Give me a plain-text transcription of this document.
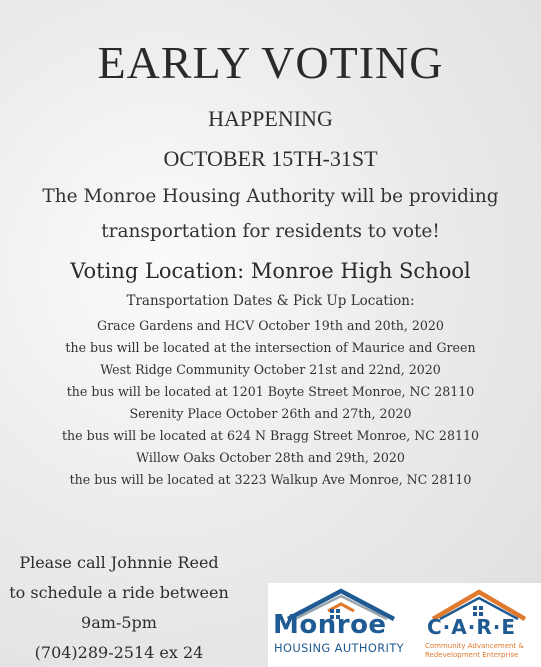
EARLY VOTING
HAPPENING
OCTOBER 15TH-31ST
The Monroe Housing Authority will be providing
transportation for residents to vote!
Voting Location: Monroe High School
Transportation Dates & Pick Up Location:
Grace Gardens and HCV October 19th and 20th, 2020
the bus will be located at the intersection of Maurice and Green
West Ridge Community October 21st and 22nd, 2020
the bus will be located at 1201 Boyte Street Monroe, NC 28110
Serenity Place October 26th and 27th, 2020
the bus will be located at 624 N Bragg Street Monroe, NC 28110
Willow Oaks October 28th and 29th, 2020
the bus will be located at 3223 Walkup Ave Monroe, NC 28110
Please call Johnnie Reed
to schedule a ride between
9am-5pm
(704)289-2514 ex 24
Monroe
HOUSING AUTHORITY
C·A·R·E
Community Advancement &
Redevelopment Enterprise
